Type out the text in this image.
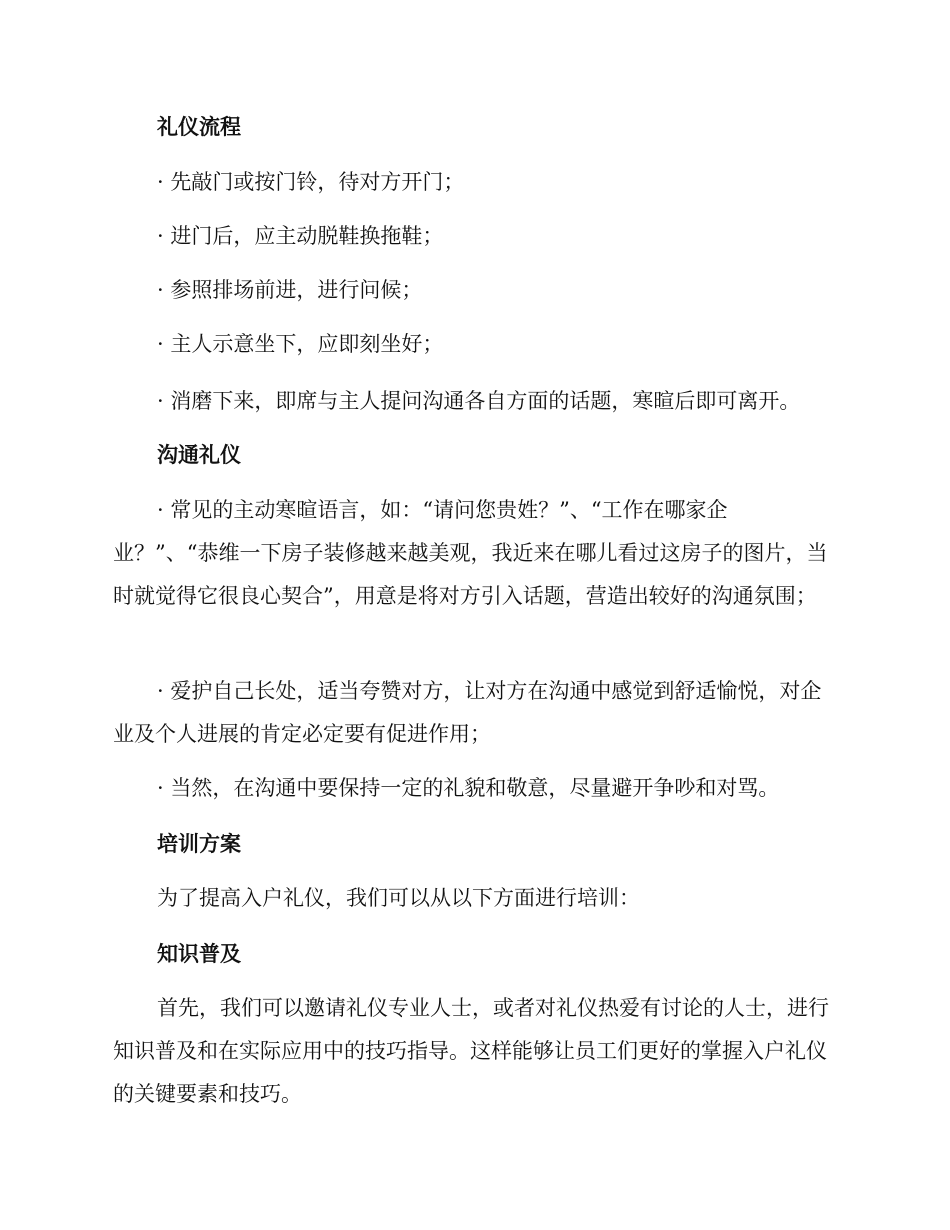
礼仪流程

· 先敲门或按门铃，待对方开门；

· 进门后，应主动脱鞋换拖鞋；

· 参照排场前进，进行问候；

· 主人示意坐下，应即刻坐好；

· 消磨下来，即席与主人提问沟通各自方面的话题，寒暄后即可离开。

沟通礼仪

· 常见的主动寒暄语言，如：“请问您贵姓？”、“工作在哪家企业？”、“恭维一下房子装修越来越美观，我近来在哪儿看过这房子的图片，当时就觉得它很良心契合”，用意是将对方引入话题，营造出较好的沟通氛围；

· 爱护自己长处，适当夸赞对方，让对方在沟通中感觉到舒适愉悦，对企业及个人进展的肯定必定要有促进作用；

· 当然，在沟通中要保持一定的礼貌和敬意，尽量避开争吵和对骂。

培训方案

为了提高入户礼仪，我们可以从以下方面进行培训：

知识普及

首先，我们可以邀请礼仪专业人士，或者对礼仪热爱有讨论的人士，进行知识普及和在实际应用中的技巧指导。这样能够让员工们更好的掌握入户礼仪的关键要素和技巧。
